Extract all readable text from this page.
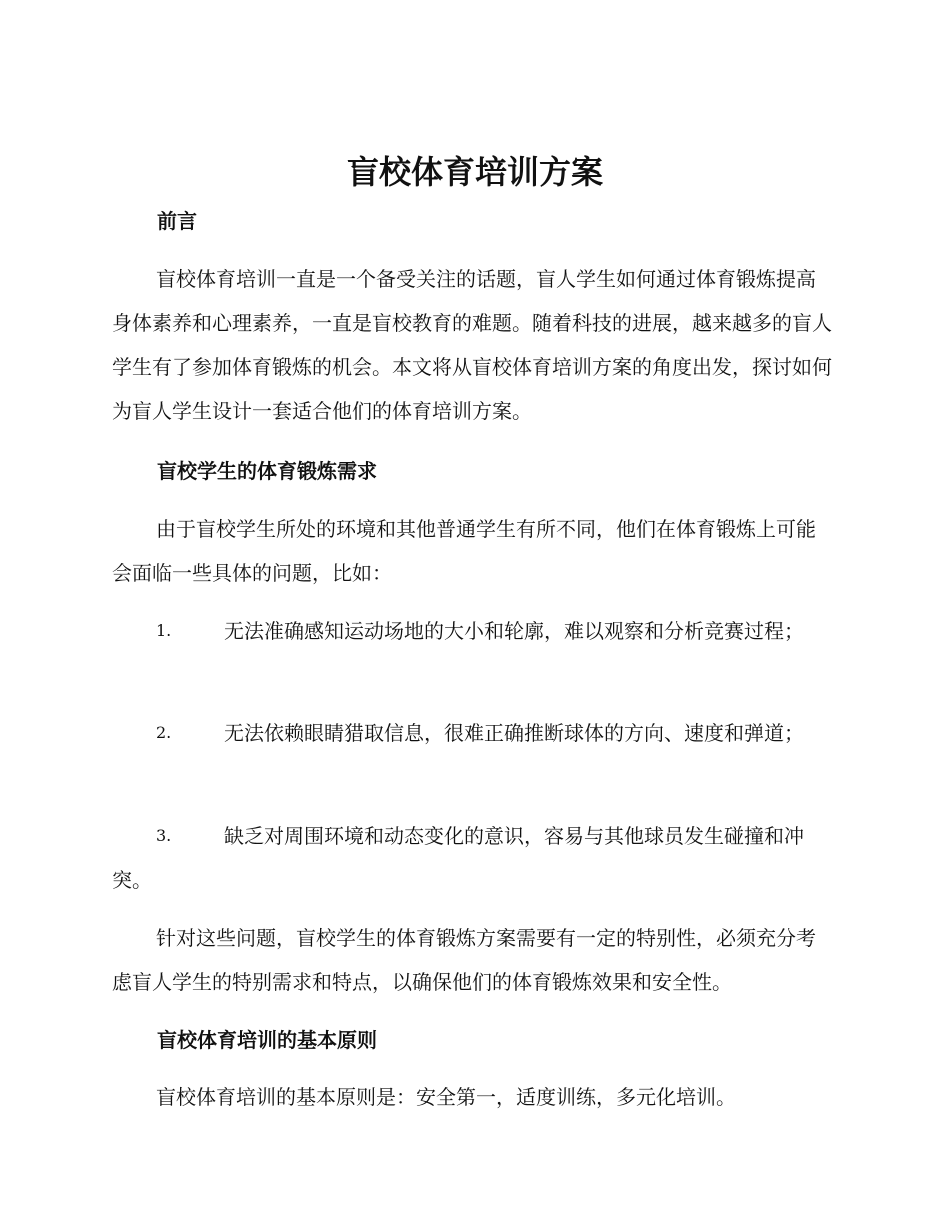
盲校体育培训方案
前言

盲校体育培训一直是一个备受关注的话题，盲人学生如何通过体育锻炼提高身体素养和心理素养，一直是盲校教育的难题。随着科技的进展，越来越多的盲人学生有了参加体育锻炼的机会。本文将从盲校体育培训方案的角度出发，探讨如何为盲人学生设计一套适合他们的体育培训方案。

盲校学生的体育锻炼需求

由于盲校学生所处的环境和其他普通学生有所不同，他们在体育锻炼上可能会面临一些具体的问题，比如：

1.	无法准确感知运动场地的大小和轮廓，难以观察和分析竞赛过程；

2.	无法依赖眼睛猎取信息，很难正确推断球体的方向、速度和弹道；

3.	缺乏对周围环境和动态变化的意识，容易与其他球员发生碰撞和冲突。

针对这些问题，盲校学生的体育锻炼方案需要有一定的特别性，必须充分考虑盲人学生的特别需求和特点，以确保他们的体育锻炼效果和安全性。

盲校体育培训的基本原则

盲校体育培训的基本原则是：安全第一，适度训练，多元化培训。
